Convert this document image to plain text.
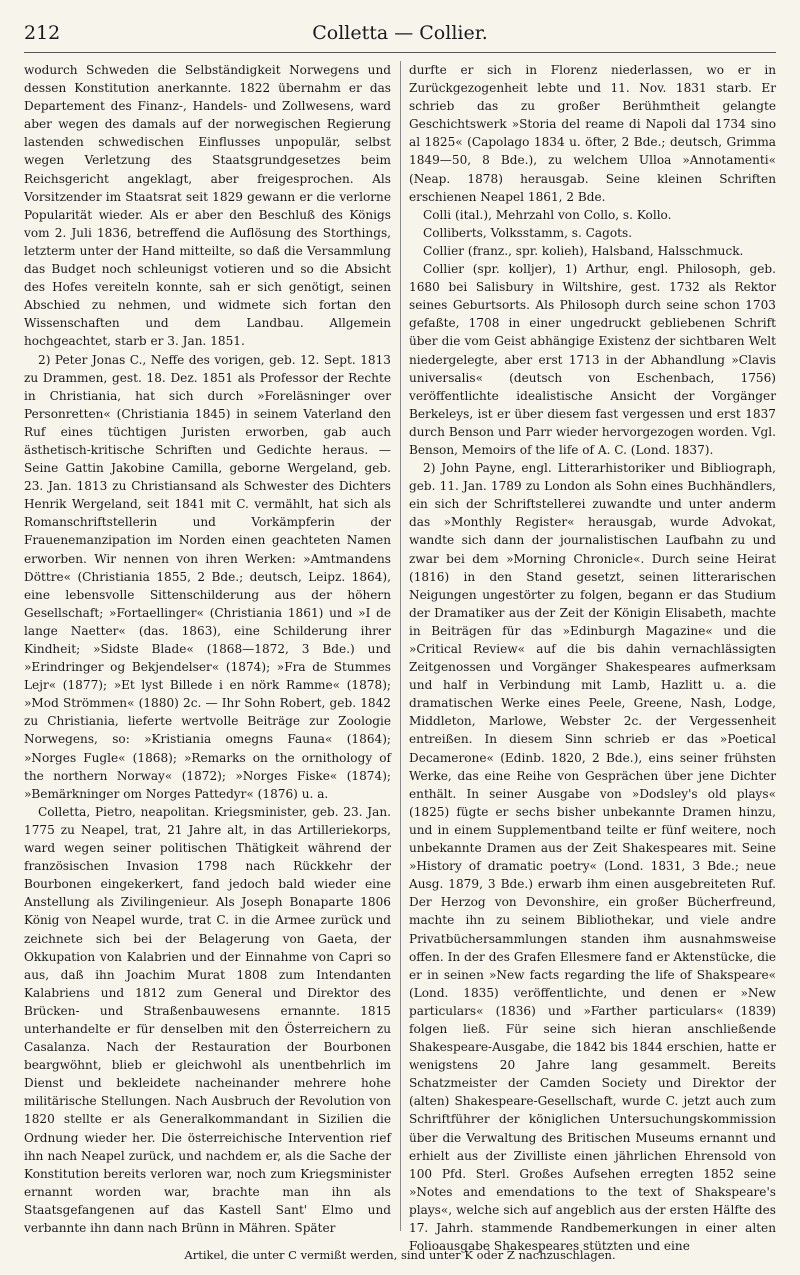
212	Colletta — Collier.

wodurch Schweden die Selbständigkeit Norwegens und dessen Konstitution anerkannte. 1822 übernahm er das Departement des Finanz-, Handels- und Zollwesens, ward aber wegen des damals auf der norwegischen Regierung lastenden schwedischen Einflusses unpopulär, selbst wegen Verletzung des Staatsgrundgesetzes beim Reichsgericht angeklagt, aber freigesprochen. Als Vorsitzender im Staatsrat seit 1829 gewann er die verlorne Popularität wieder. Als er aber den Beschluß des Königs vom 2. Juli 1836, betreffend die Auflösung des Storthings, letzterm unter der Hand mitteilte, so daß die Versammlung das Budget noch schleunigst votieren und so die Absicht des Hofes vereiteln konnte, sah er sich genötigt, seinen Abschied zu nehmen, und widmete sich fortan den Wissenschaften und dem Landbau. Allgemein hochgeachtet, starb er 3. Jan. 1851.

2) Peter Jonas C., Neffe des vorigen, geb. 12. Sept. 1813 zu Drammen, gest. 18. Dez. 1851 als Professor der Rechte in Christiania, hat sich durch »Foreläsninger over Personretten« (Christiania 1845) in seinem Vaterland den Ruf eines tüchtigen Juristen erworben, gab auch ästhetisch-kritische Schriften und Gedichte heraus. — Seine Gattin Jakobine Camilla, geborne Wergeland, geb. 23. Jan. 1813 zu Christiansand als Schwester des Dichters Henrik Wergeland, seit 1841 mit C. vermählt, hat sich als Romanschriftstellerin und Vorkämpferin der Frauenemanzipation im Norden einen geachteten Namen erworben. Wir nennen von ihren Werken: »Amtmandens Döttre« (Christiania 1855, 2 Bde.; deutsch, Leipz. 1864), eine lebensvolle Sittenschilderung aus der höhern Gesellschaft; »Fortaellinger« (Christiania 1861) und »I de lange Naetter« (das. 1863), eine Schilderung ihrer Kindheit; »Sidste Blade« (1868—1872, 3 Bde.) und »Erindringer og Bekjendelser« (1874); »Fra de Stummes Lejr« (1877); »Et lyst Billede i en nörk Ramme« (1878); »Mod Strömmen« (1880) 2c. — Ihr Sohn Robert, geb. 1842 zu Christiania, lieferte wertvolle Beiträge zur Zoologie Norwegens, so: »Kristiania omegns Fauna« (1864); »Norges Fugle« (1868); »Remarks on the ornithology of the northern Norway« (1872); »Norges Fiske« (1874); »Bemärkninger om Norges Pattedyr« (1876) u. a.

Colletta, Pietro, neapolitan. Kriegsminister, geb. 23. Jan. 1775 zu Neapel, trat, 21 Jahre alt, in das Artilleriekorps, ward wegen seiner politischen Thätigkeit während der französischen Invasion 1798 nach Rückkehr der Bourbonen eingekerkert, fand jedoch bald wieder eine Anstellung als Zivilingenieur. Als Joseph Bonaparte 1806 König von Neapel wurde, trat C. in die Armee zurück und zeichnete sich bei der Belagerung von Gaeta, der Okkupation von Kalabrien und der Einnahme von Capri so aus, daß ihn Joachim Murat 1808 zum Intendanten Kalabriens und 1812 zum General und Direktor des Brücken- und Straßenbauwesens ernannte. 1815 unterhandelte er für denselben mit den Österreichern zu Casalanza. Nach der Restauration der Bourbonen beargwöhnt, blieb er gleichwohl als unentbehrlich im Dienst und bekleidete nacheinander mehrere hohe militärische Stellungen. Nach Ausbruch der Revolution von 1820 stellte er als Generalkommandant in Sizilien die Ordnung wieder her. Die österreichische Intervention rief ihn nach Neapel zurück, und nachdem er, als die Sache der Konstitution bereits verloren war, noch zum Kriegsminister ernannt worden war, brachte man ihn als Staatsgefangenen auf das Kastell Sant' Elmo und verbannte ihn dann nach Brünn in Mähren. Später

durfte er sich in Florenz niederlassen, wo er in Zurückgezogenheit lebte und 11. Nov. 1831 starb. Er schrieb das zu großer Berühmtheit gelangte Geschichtswerk »Storia del reame di Napoli dal 1734 sino al 1825« (Capolago 1834 u. öfter, 2 Bde.; deutsch, Grimma 1849—50, 8 Bde.), zu welchem Ulloa »Annotamenti« (Neap. 1878) herausgab. Seine kleinen Schriften erschienen Neapel 1861, 2 Bde.

Colli (ital.), Mehrzahl von Collo, s. Kollo.

Colliberts, Volksstamm, s. Cagots.

Collier (franz., spr. kolieh), Halsband, Halsschmuck.

Collier (spr. kolljer), 1) Arthur, engl. Philosoph, geb. 1680 bei Salisbury in Wiltshire, gest. 1732 als Rektor seines Geburtsorts. Als Philosoph durch seine schon 1703 gefaßte, 1708 in einer ungedruckt gebliebenen Schrift über die vom Geist abhängige Existenz der sichtbaren Welt niedergelegte, aber erst 1713 in der Abhandlung »Clavis universalis« (deutsch von Eschenbach, 1756) veröffentlichte idealistische Ansicht der Vorgänger Berkeleys, ist er über diesem fast vergessen und erst 1837 durch Benson und Parr wieder hervorgezogen worden. Vgl. Benson, Memoirs of the life of A. C. (Lond. 1837).

2) John Payne, engl. Litterarhistoriker und Bibliograph, geb. 11. Jan. 1789 zu London als Sohn eines Buchhändlers, ein sich der Schriftstellerei zuwandte und unter anderm das »Monthly Register« herausgab, wurde Advokat, wandte sich dann der journalistischen Laufbahn zu und zwar bei dem »Morning Chronicle«. Durch seine Heirat (1816) in den Stand gesetzt, seinen litterarischen Neigungen ungestörter zu folgen, begann er das Studium der Dramatiker aus der Zeit der Königin Elisabeth, machte in Beiträgen für das »Edinburgh Magazine« und die »Critical Review« auf die bis dahin vernachlässigten Zeitgenossen und Vorgänger Shakespeares aufmerksam und half in Verbindung mit Lamb, Hazlitt u. a. die dramatischen Werke eines Peele, Greene, Nash, Lodge, Middleton, Marlowe, Webster 2c. der Vergessenheit entreißen. In diesem Sinn schrieb er das »Poetical Decamerone« (Edinb. 1820, 2 Bde.), eins seiner frühsten Werke, das eine Reihe von Gesprächen über jene Dichter enthält. In seiner Ausgabe von »Dodsley's old plays« (1825) fügte er sechs bisher unbekannte Dramen hinzu, und in einem Supplementband teilte er fünf weitere, noch unbekannte Dramen aus der Zeit Shakespeares mit. Seine »History of dramatic poetry« (Lond. 1831, 3 Bde.; neue Ausg. 1879, 3 Bde.) erwarb ihm einen ausgebreiteten Ruf. Der Herzog von Devonshire, ein großer Bücherfreund, machte ihn zu seinem Bibliothekar, und viele andre Privatbüchersammlungen standen ihm ausnahmsweise offen. In der des Grafen Ellesmere fand er Aktenstücke, die er in seinen »New facts regarding the life of Shakspeare« (Lond. 1835) veröffentlichte, und denen er »New particulars« (1836) und »Farther particulars« (1839) folgen ließ. Für seine sich hieran anschließende Shakespeare-Ausgabe, die 1842 bis 1844 erschien, hatte er wenigstens 20 Jahre lang gesammelt. Bereits Schatzmeister der Camden Society und Direktor der (alten) Shakespeare-Gesellschaft, wurde C. jetzt auch zum Schriftführer der königlichen Untersuchungskommission über die Verwaltung des Britischen Museums ernannt und erhielt aus der Zivilliste einen jährlichen Ehrensold von 100 Pfd. Sterl. Großes Aufsehen erregten 1852 seine »Notes and emendations to the text of Shakspeare's plays«, welche sich auf angeblich aus der ersten Hälfte des 17. Jahrh. stammende Randbemerkungen in einer alten Folioausgabe Shakespeares stützten und eine

Artikel, die unter C vermißt werden, sind unter K oder Z nachzuschlagen.
